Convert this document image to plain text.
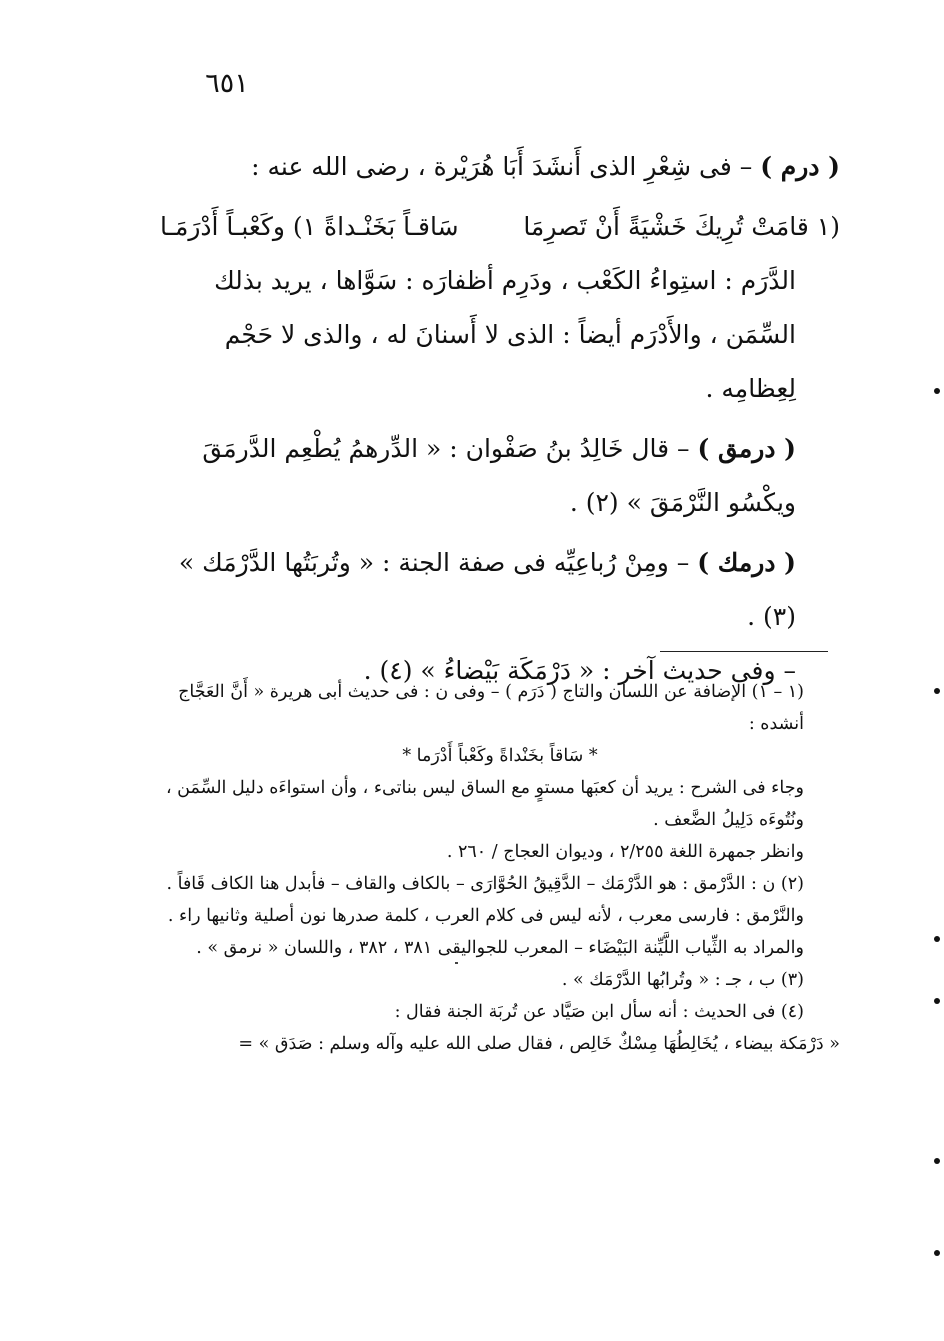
٦٥١

( درم ) – فى شِعْرِ الذى أَنشَدَ أَبَا هُرَيْرة ، رضى الله عنه :

(١ قامَتْ تُرِيكَ خَشْيَةً أَنْ تَصرِمَا
سَاقـاً بَخَنْـداةً ١) وكَعْبـاً أَدْرَمَـا

الدَّرَم : استِواءُ الكَعْب ، ودَرِم أظفارَه : سَوَّاها ، يريد بذلك السِّمَن ، والأَدْرَم أيضاً : الذى لا أَسنانَ له ، والذى لا حَجْم لِعِظامِه .

( درمق ) – قال خَالِدُ بنُ صَفْوان : « الدِّرهمُ يُطْعِم الدَّرمَقَ ويكْسُو النَّرْمَقَ » (٢) .

( درمك ) – ومِنْ رُباعِيِّه فى صفة الجنة : « وتُربَتُها الدَّرْمَك » (٣) .

– وفى حديث آخر : « دَرْمَكَة بَيْضاءُ » (٤) .

(١ – ١) الإضافة عن اللسان والتاج ( دَرَم ) – وفى ن : فى حديث أبى هريرة « أَنَّ العَجَّاج أنشده :

* سَاقاً بخَنْداةً وكَعْباً أَدْرَما *

وجاء فى الشرح : يريد أن كعبَها مستوٍ مع الساق ليس بناتىء ، وأن استواءَه دليل السِّمَن ، ونُتُوءَه دَلِيلُ الضَّعف .

وانظر جمهرة اللغة ٢/٢٥٥ ، وديوان العجاج / ٢٦٠ .

(٢) ن : الدَّرْمق : هو الدَّرْمَك – الدَّقِيقُ الحُوَّارَى – بالكاف والقاف – فأبدل هنا الكاف قَافاً .

والنَّرْمق : فارسى معرب ، لأنه ليس فى كلام العرب ، كلمة صدرها نون أصلية وثانيها راء . والمراد به الثِّياب اللَّيِّنة البَيْضَاء – المعرب للجواليقى ٣٨١ ، ٣٨٢ ، واللسان « نرمق » .

(٣) ب ، جـ : « وتُرابُها الدَّرْمَك » .

(٤) فى الحديث : أنه سأل ابن صَيَّاد عن تُربَة الجنة فقال :

« دَرْمَكة بيضاء ، يُخَالِطُهَا مِسْكٌ خَالِص ، فقال صلى الله عليه وآله وسلم : صَدَق » =
